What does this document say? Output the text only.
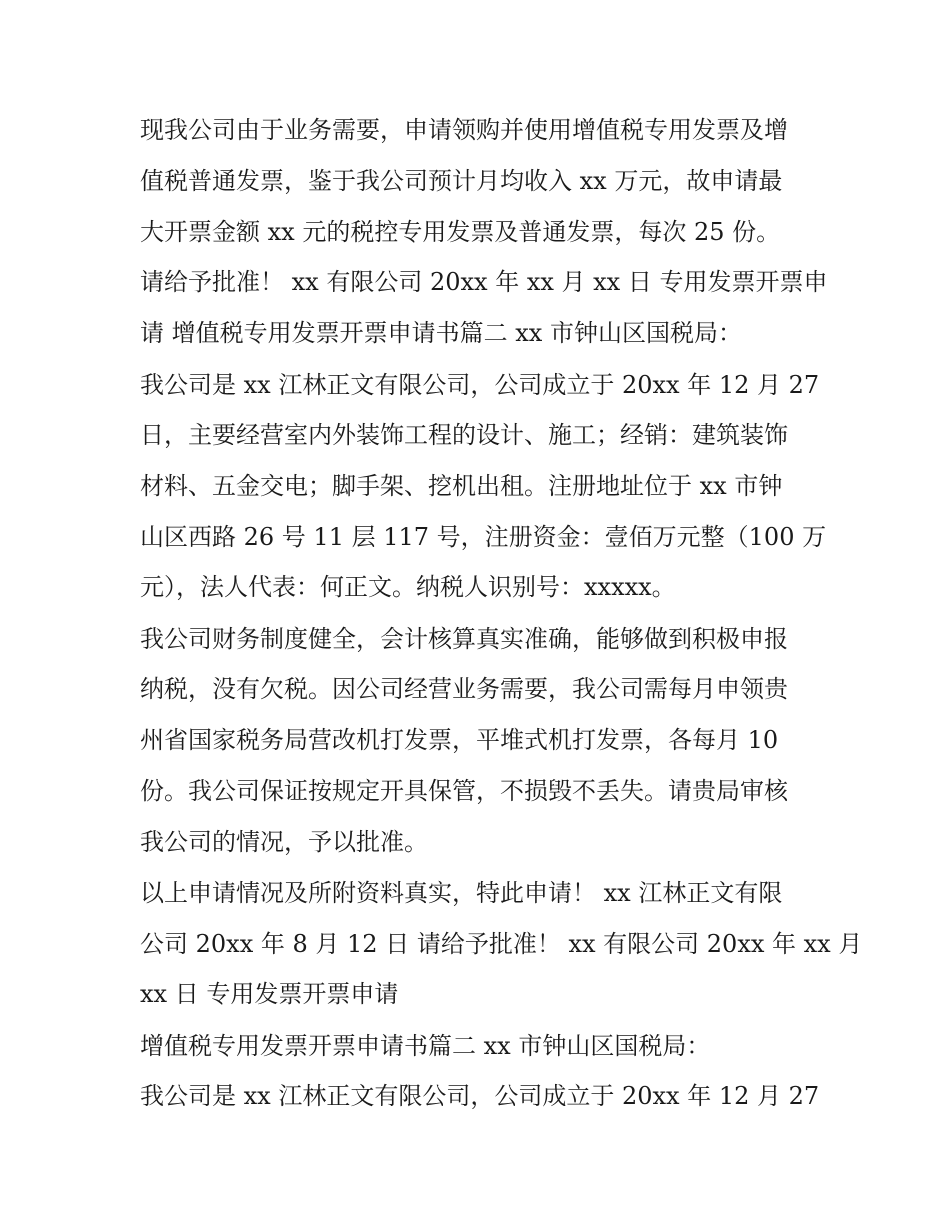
现我公司由于业务需要，申请领购并使用增值税专用发票及增
值税普通发票，鉴于我公司预计月均收入 xx 万元，故申请最
大开票金额 xx 元的税控专用发票及普通发票，每次 25 份。
请给予批准！ xx 有限公司 20xx 年 xx 月 xx 日 专用发票开票申
请 增值税专用发票开票申请书篇二 xx 市钟山区国税局：
我公司是 xx 江林正文有限公司，公司成立于 20xx 年 12 月 27
日，主要经营室内外装饰工程的设计、施工；经销：建筑装饰
材料、五金交电；脚手架、挖机出租。注册地址位于 xx 市钟
山区西路 26 号 11 层 117 号，注册资金：壹佰万元整（100 万
元），法人代表：何正文。纳税人识别号：xxxxx。
我公司财务制度健全，会计核算真实准确，能够做到积极申报
纳税，没有欠税。因公司经营业务需要，我公司需每月申领贵
州省国家税务局营改机打发票，平堆式机打发票，各每月 10
份。我公司保证按规定开具保管，不损毁不丢失。请贵局审核
我公司的情况，予以批准。
以上申请情况及所附资料真实，特此申请！ xx 江林正文有限
公司 20xx 年 8 月 12 日 请给予批准！ xx 有限公司 20xx 年 xx 月
xx 日 专用发票开票申请
增值税专用发票开票申请书篇二 xx 市钟山区国税局：
我公司是 xx 江林正文有限公司，公司成立于 20xx 年 12 月 27
